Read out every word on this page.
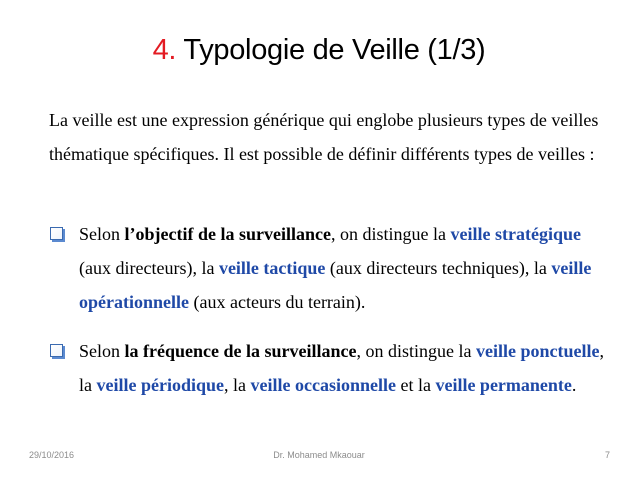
4. Typologie de Veille (1/3)
La veille est une expression générique qui englobe plusieurs types de veilles thématique spécifiques. Il est possible de définir différents types de veilles :
Selon l’objectif de la surveillance, on distingue la veille stratégique (aux directeurs), la veille tactique (aux directeurs techniques), la veille opérationnelle (aux acteurs du terrain).
Selon la fréquence de la surveillance, on distingue la veille ponctuelle, la veille périodique, la veille occasionnelle et la veille permanente.
29/10/2016	Dr. Mohamed Mkaouar	7
